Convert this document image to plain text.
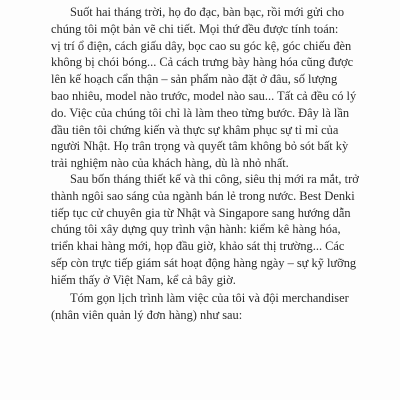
Suốt hai tháng trời, họ đo đạc, bàn bạc, rồi mới gửi cho
chúng tôi một bản vẽ chi tiết. Mọi thứ đều được tính toán:
vị trí ổ điện, cách giấu dây, bọc cao su góc kệ, góc chiếu đèn
không bị chói bóng... Cả cách trưng bày hàng hóa cũng được
lên kế hoạch cẩn thận – sản phẩm nào đặt ở đâu, số lượng
bao nhiêu, model nào trước, model nào sau... Tất cả đều có lý
do. Việc của chúng tôi chỉ là làm theo từng bước. Đây là lần
đầu tiên tôi chứng kiến và thực sự khâm phục sự tỉ mỉ của
người Nhật. Họ trân trọng và quyết tâm không bỏ sót bất kỳ
trải nghiệm nào của khách hàng, dù là nhỏ nhất.
Sau bốn tháng thiết kế và thi công, siêu thị mới ra mắt, trở
thành ngôi sao sáng của ngành bán lẻ trong nước. Best Denki
tiếp tục cử chuyên gia từ Nhật và Singapore sang hướng dẫn
chúng tôi xây dựng quy trình vận hành: kiểm kê hàng hóa,
triển khai hàng mới, họp đầu giờ, khảo sát thị trường... Các
sếp còn trực tiếp giám sát hoạt động hàng ngày – sự kỹ lưỡng
hiếm thấy ở Việt Nam, kể cả bây giờ.
Tóm gọn lịch trình làm việc của tôi và đội merchandiser
(nhân viên quản lý đơn hàng) như sau:
